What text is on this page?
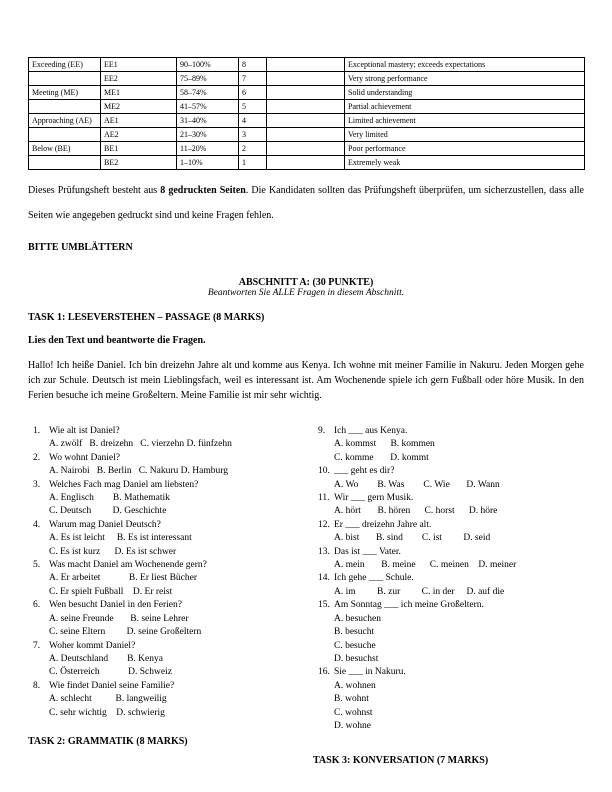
Exceeding (EE)	EE1	90–100%	8		Exceptional mastery; exceeds expectations
	EE2	75–89%	7		Very strong performance
Meeting (ME)	ME1	58–74%	6		Solid understanding
	ME2	41–57%	5		Partial achievement
Approaching (AE)	AE1	31–40%	4		Limited achievement
	AE2	21–30%	3		Very limited
Below (BE)	BE1	11–20%	2		Poor performance
	BE2	1–10%	1		Extremely weak

Dieses Prüfungsheft besteht aus 8 gedruckten Seiten. Die Kandidaten sollten das Prüfungsheft überprüfen, um sicherzustellen, dass alle Seiten wie angegeben gedruckt sind und keine Fragen fehlen.

BITTE UMBLÄTTERN

ABSCHNITT A: (30 PUNKTE)
Beantworten Sie ALLE Fragen in diesem Abschnitt.

TASK 1: LESEVERSTEHEN – PASSAGE (8 MARKS)

Lies den Text und beantworte die Fragen.

Hallo! Ich heiße Daniel. Ich bin dreizehn Jahre alt und komme aus Kenya. Ich wohne mit meiner Familie in Nakuru. Jeden Morgen gehe ich zur Schule. Deutsch ist mein Lieblingsfach, weil es interessant ist. Am Wochenende spiele ich gern Fußball oder höre Musik. In den Ferien besuche ich meine Großeltern. Meine Familie ist mir sehr wichtig.

1. Wie alt ist Daniel?
A. zwölf   B. dreizehn   C. vierzehn D. fünfzehn
2. Wo wohnt Daniel?
A. Nairobi   B. Berlin   C. Nakuru D. Hamburg
3. Welches Fach mag Daniel am liebsten?
A. Englisch        B. Mathematik
C. Deutsch         D. Geschichte
4. Warum mag Daniel Deutsch?
A. Es ist leicht     B. Es ist interessant
C. Es ist kurz      D. Es ist schwer
5. Was macht Daniel am Wochenende gern?
A. Er arbeitet            B. Er liest Bücher
C. Er spielt Fußball    D. Er reist
6. Wen besucht Daniel in den Ferien?
A. seine Freunde       B. seine Lehrer
C. seine Eltern         D. seine Großeltern
7. Woher kommt Daniel?
A. Deutschland        B. Kenya
C. Österreich            D. Schweiz
8. Wie findet Daniel seine Familie?
A. schlecht          B. langweilig
C. sehr wichtig    D. schwierig

TASK 2: GRAMMATIK (8 MARKS)

9. Ich ___ aus Kenya.
A. kommst      B. kommen
C. komme       D. kommt
10. ___ geht es dir?
A. Wo        B. Was        C. Wie       D. Wann
11. Wir ___ gern Musik.
A. hört       B. hören      C. horst      D. höre
12. Er ___ dreizehn Jahre alt.
A. bist       B. sind        C. ist         D. seid
13. Das ist ___ Vater.
A. mein       B. meine      C. meinen    D. meiner
14. Ich gehe ___ Schule.
A. im         B. zur         C. in der     D. auf die
15. Am Sonntag ___ ich meine Großeltern.
A. besuchen
B. besucht
C. besuche
D. besuchst
16. Sie ___ in Nakuru.
A. wohnen
B. wohnt
C. wohnst
D. wohne

TASK 3: KONVERSATION (7 MARKS)
